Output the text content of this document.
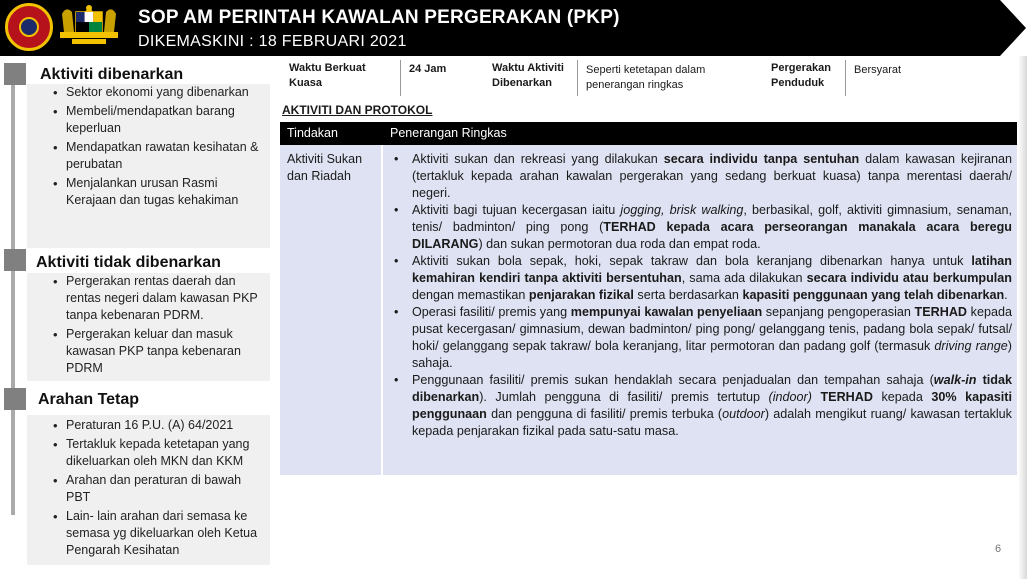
SOP AM PERINTAH KAWALAN PERGERAKAN (PKP)
DIKEMASKINI : 18 FEBRUARI 2021
Aktiviti dibenarkan
• Sektor ekonomi yang dibenarkan
• Membeli/mendapatkan barang keperluan
• Mendapatkan rawatan kesihatan & perubatan
• Menjalankan urusan Rasmi Kerajaan dan tugas kehakiman
Aktiviti tidak dibenarkan
• Pergerakan rentas daerah dan rentas negeri dalam kawasan PKP tanpa kebenaran PDRM.
• Pergerakan keluar dan masuk kawasan PKP tanpa kebenaran PDRM
Arahan Tetap
• Peraturan 16 P.U. (A) 64/2021
• Tertakluk kepada ketetapan yang dikeluarkan oleh MKN dan KKM
• Arahan dan peraturan di bawah PBT
• Lain- lain arahan dari semasa ke semasa yg dikeluarkan oleh Ketua Pengarah Kesihatan
Waktu Berkuat Kuasa
24 Jam	Waktu Aktiviti Dibenarkan
Seperti ketetapan dalam penerangan ringkas
Pergerakan Penduduk
Bersyarat
AKTIVITI DAN PROTOKOL
Tindakan	Penerangan Ringkas
Aktiviti Sukan dan Riadah
• Aktiviti sukan dan rekreasi yang dilakukan secara individu tanpa sentuhan dalam kawasan kejiranan (tertakluk kepada arahan kawalan pergerakan yang sedang berkuat kuasa) tanpa merentasi daerah/ negeri.
• Aktiviti bagi tujuan kecergasan iaitu jogging, brisk walking, berbasikal, golf, aktiviti gimnasium, senaman, tenis/ badminton/ ping pong (TERHAD kepada acara perseorangan manakala acara beregu DILARANG) dan sukan permotoran dua roda dan empat roda.
• Aktiviti sukan bola sepak, hoki, sepak takraw dan bola keranjang dibenarkan hanya untuk latihan kemahiran kendiri tanpa aktiviti bersentuhan, sama ada dilakukan secara individu atau berkumpulan dengan memastikan penjarakan fizikal serta berdasarkan kapasiti penggunaan yang telah dibenarkan.
• Operasi fasiliti/ premis yang mempunyai kawalan penyeliaan sepanjang pengoperasian TERHAD kepada pusat kecergasan/ gimnasium, dewan badminton/ ping pong/ gelanggang tenis, padang bola sepak/ futsal/ hoki/ gelanggang sepak takraw/ bola keranjang, litar permotoran dan padang golf (termasuk driving range) sahaja.
• Penggunaan fasiliti/ premis sukan hendaklah secara penjadualan dan tempahan sahaja (walk-in tidak dibenarkan). Jumlah pengguna di fasiliti/ premis tertutup (indoor) TERHAD kepada 30% kapasiti penggunaan dan pengguna di fasiliti/ premis terbuka (outdoor) adalah mengikut ruang/ kawasan tertakluk kepada penjarakan fizikal pada satu-satu masa.
6
